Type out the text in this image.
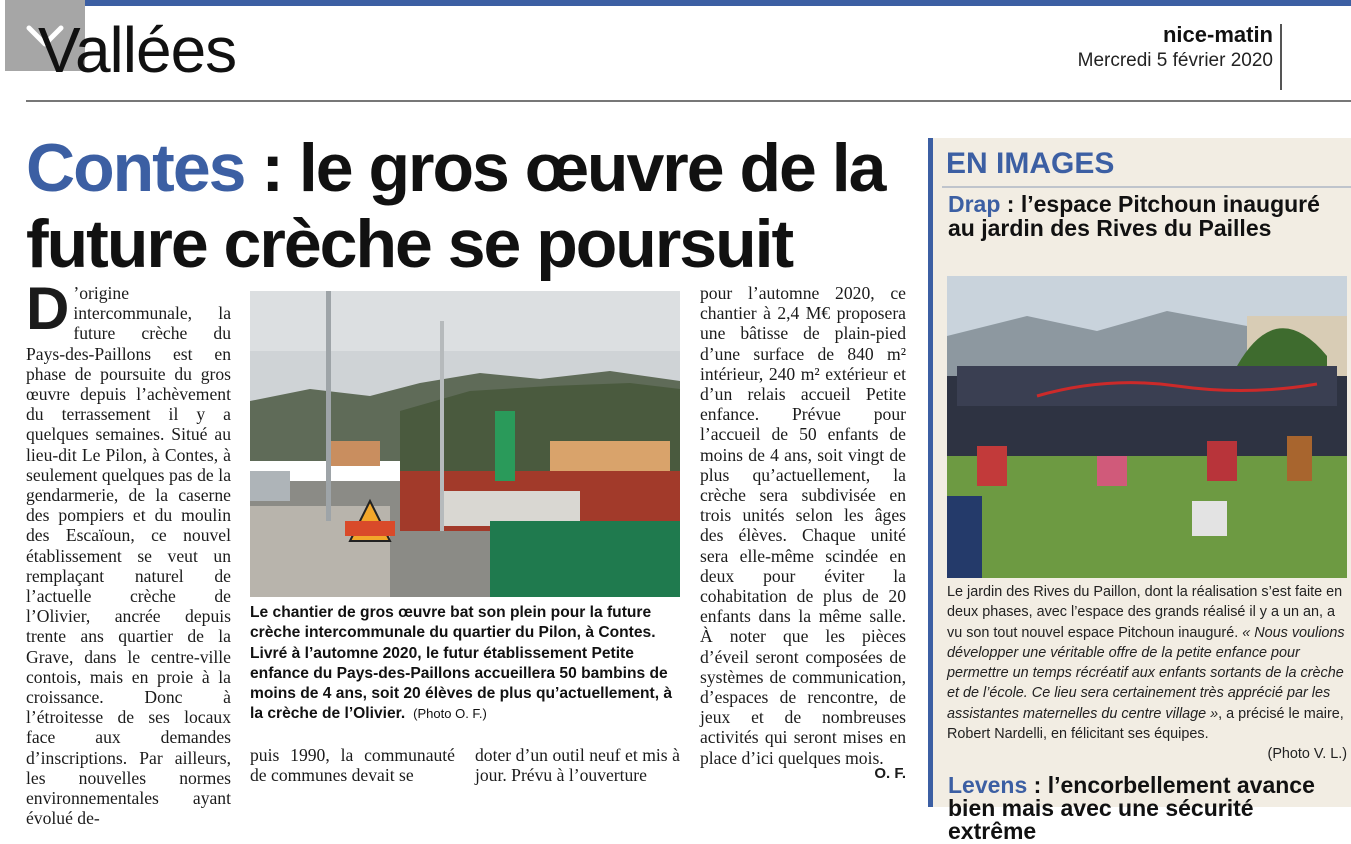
Vallées	nice-matin
Mercredi 5 février 2020
Contes : le gros œuvre de la future crèche se poursuit
D ’origine intercommunale, la future crèche du Pays-des-Paillons est en phase de poursuite du gros œuvre depuis l’achèvement du terrassement il y a quelques semaines. Situé au lieu-dit Le Pilon, à Contes, à seulement quelques pas de la gendarmerie, de la caserne des pompiers et du moulin des Escaïoun, ce nouvel établissement se veut un remplaçant naturel de l’actuelle crèche de l’Olivier, ancrée depuis trente ans quartier de la Grave, dans le centre-ville contois, mais en proie à la croissance. Donc à l’étroitesse de ses locaux face aux demandes d’inscriptions. Par ailleurs, les nouvelles normes environnementales ayant évolué de-
Le chantier de gros œuvre bat son plein pour la future crèche intercommunale du quartier du Pilon, à Contes. Livré à l’automne 2020, le futur établissement Petite enfance du Pays-des-Paillons accueillera 50 bambins de moins de 4 ans, soit 20 élèves de plus qu’actuellement, à la crèche de l’Olivier. (Photo O. F.)
puis 1990, la communauté de communes devait se
doter d’un outil neuf et mis à jour. Prévu à l’ouverture
pour l’automne 2020, ce chantier à 2,4 M€ proposera une bâtisse de plain-pied d’une surface de 840 m² intérieur, 240 m² extérieur et d’un relais accueil Petite enfance. Prévue pour l’accueil de 50 enfants de moins de 4 ans, soit vingt de plus qu’actuellement, la crèche sera subdivisée en trois unités selon les âges des élèves. Chaque unité sera elle-même scindée en deux pour éviter la cohabitation de plus de 20 enfants dans la même salle. À noter que les pièces d’éveil seront composées de systèmes de communication, d’espaces de rencontre, de jeux et de nombreuses activités qui seront mises en place d’ici quelques mois.
O. F.
EN IMAGES
Drap : l’espace Pitchoun inauguré au jardin des Rives du Pailles
Le jardin des Rives du Paillon, dont la réalisation s’est faite en deux phases, avec l’espace des grands réalisé il y a un an, a vu son tout nouvel espace Pitchoun inauguré. « Nous voulions développer une véritable offre de la petite enfance pour permettre un temps récréatif aux enfants sortants de la crèche et de l’école. Ce lieu sera certainement très apprécié par les assistantes maternelles du centre village », a précisé le maire, Robert Nardelli, en félicitant ses équipes.
(Photo V. L.)
Levens : l’encorbellement avance bien mais avec une sécurité extrême
